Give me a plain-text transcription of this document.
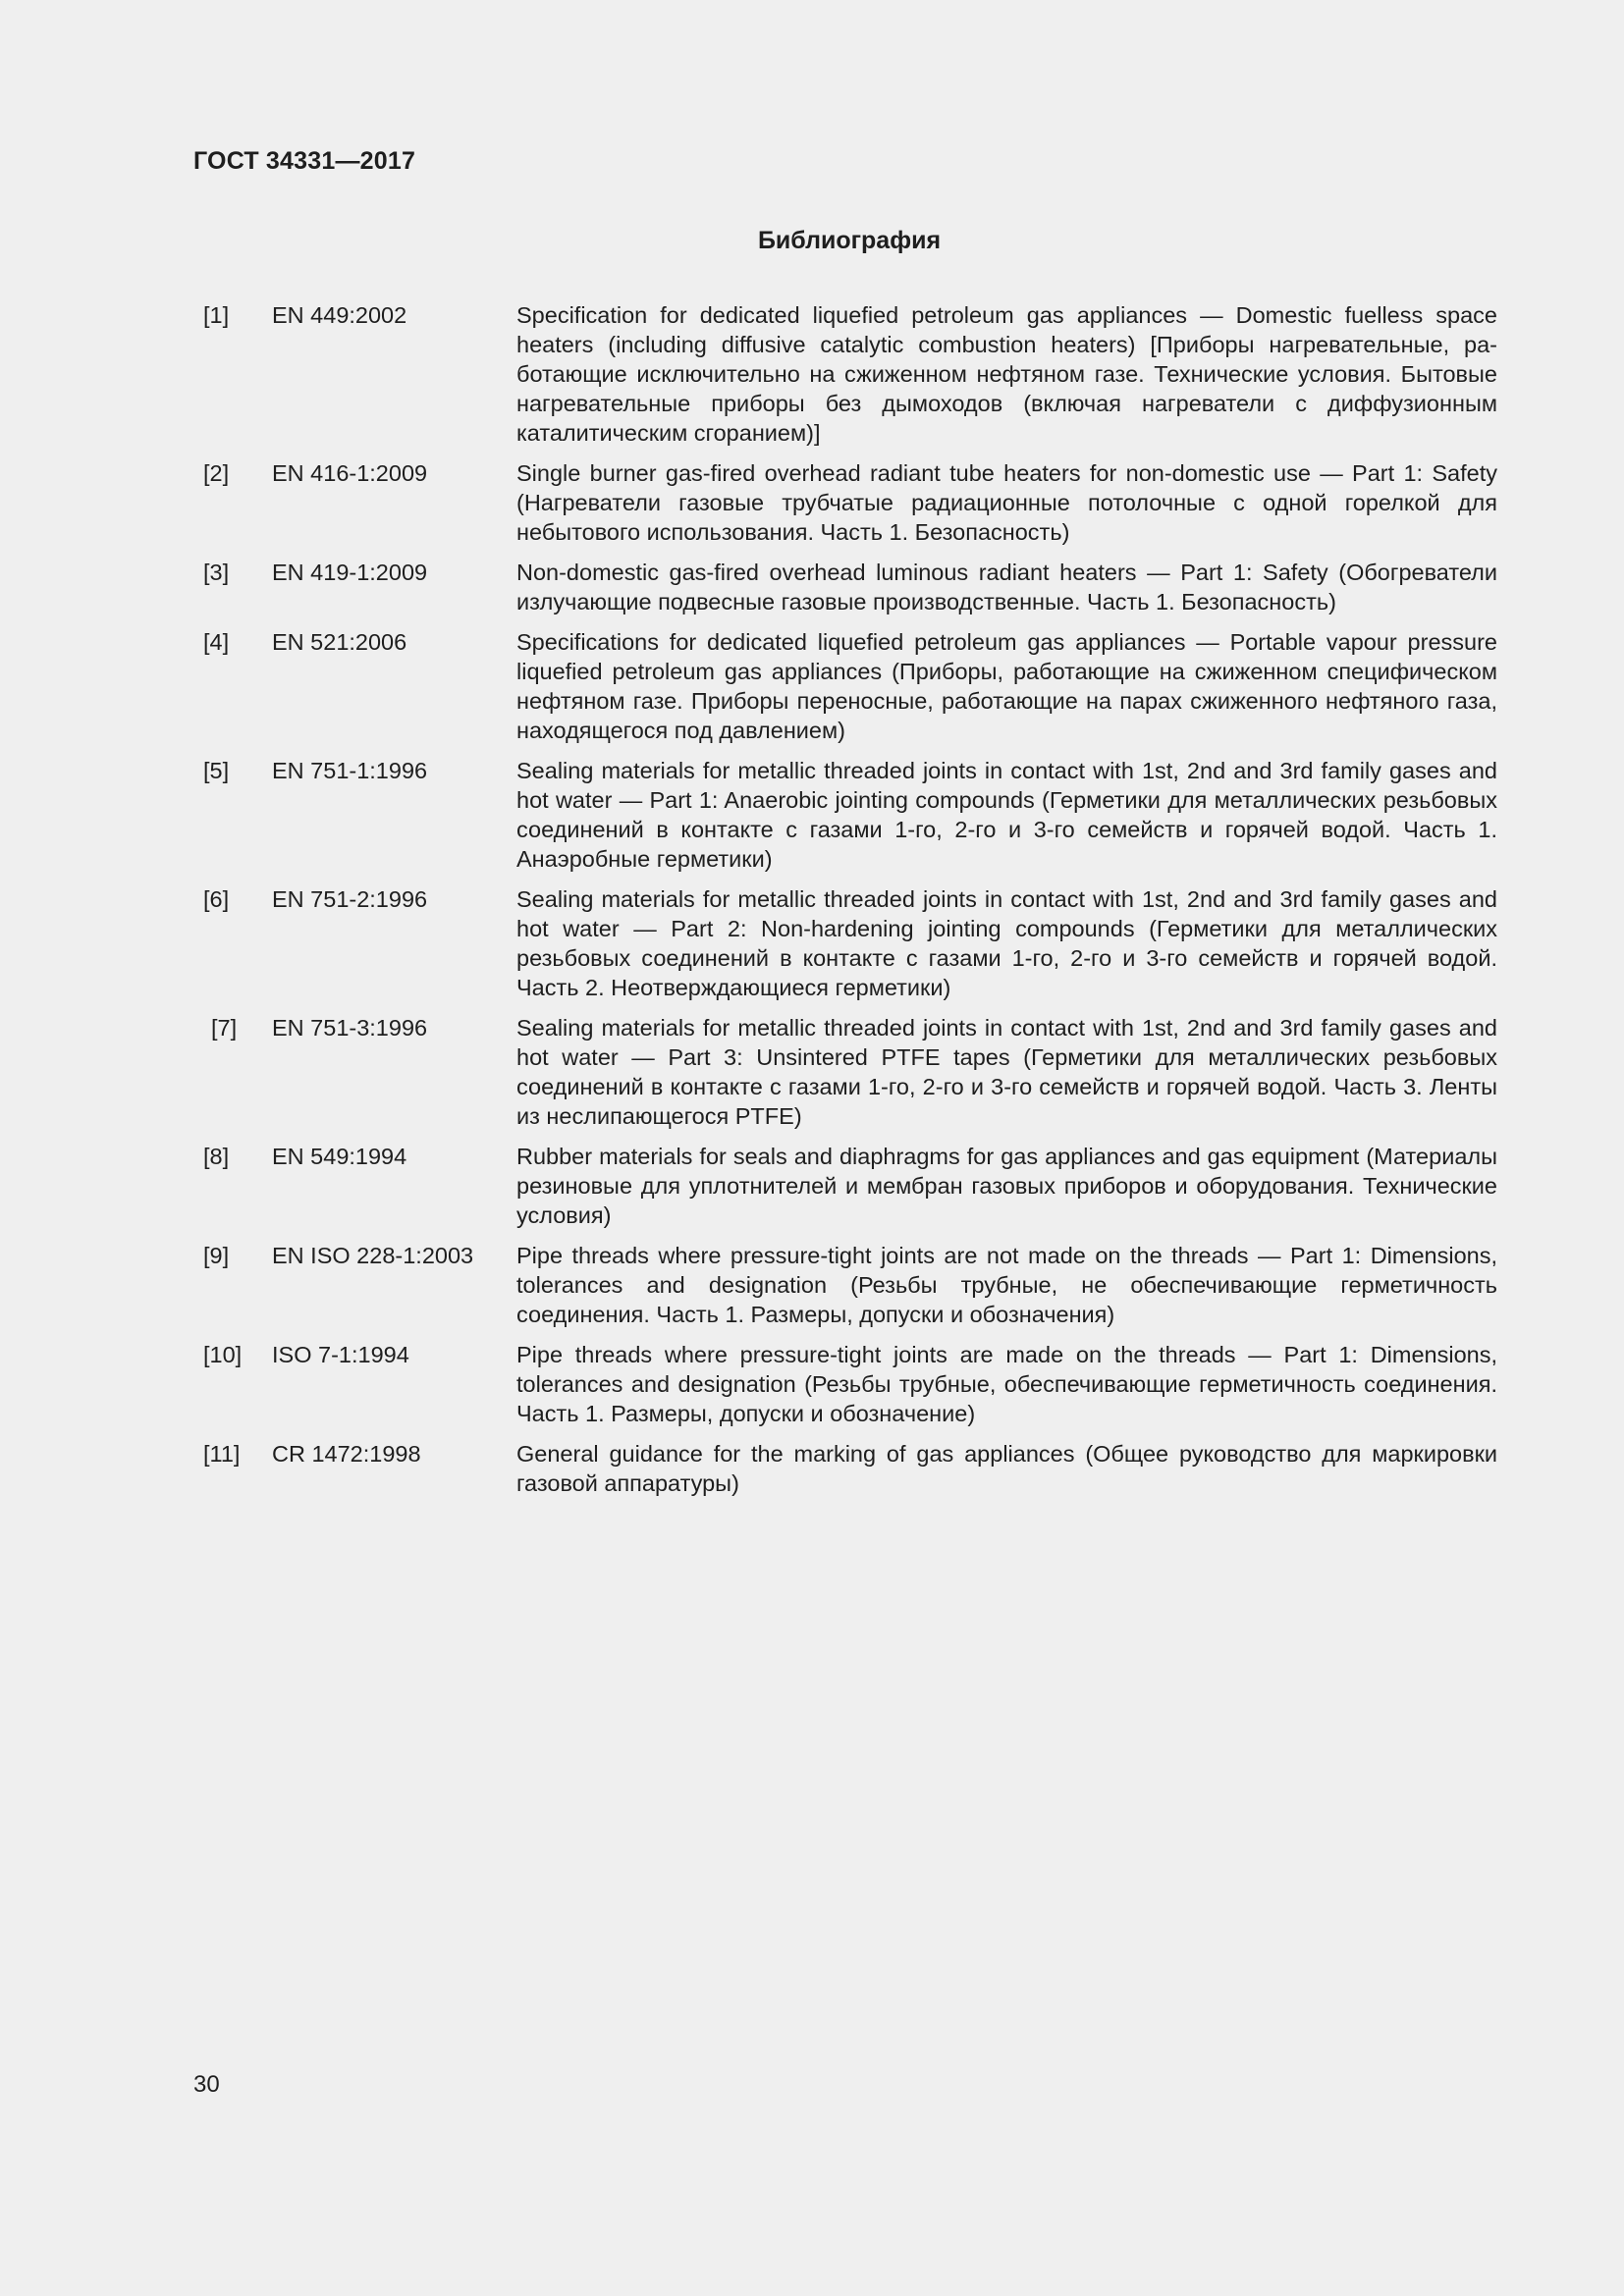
ГОСТ 34331—2017
Библиография
[1]	EN 449:2002	Specification for dedicated liquefied petroleum gas appliances — Domestic fuelless space heaters (including diffusive catalytic combustion heaters) [Приборы нагревательные, работающие исключительно на сжиженном нефтяном газе. Технические условия. Бытовые нагревательные приборы без дымоходов (включая нагреватели с диффузионным каталитическим сгоранием)]
[2]	EN 416-1:2009	Single burner gas-fired overhead radiant tube heaters for non-domestic use — Part 1: Safety (Нагреватели газовые трубчатые радиационные потолочные с одной горелкой для небытового использования. Часть 1. Безопасность)
[3]	EN 419-1:2009	Non-domestic gas-fired overhead luminous radiant heaters — Part 1: Safety (Обогреватели излучающие подвесные газовые производственные. Часть 1. Безопасность)
[4]	EN 521:2006	Specifications for dedicated liquefied petroleum gas appliances — Portable vapour pressure liquefied petroleum gas appliances (Приборы, работающие на сжиженном специфическом нефтяном газе. Приборы переносные, работающие на парах сжиженного нефтяного газа, находящегося под давлением)
[5]	EN 751-1:1996	Sealing materials for metallic threaded joints in contact with 1st, 2nd and 3rd family gases and hot water — Part 1: Anaerobic jointing compounds (Герметики для металлических резьбовых соединений в контакте с газами 1-го, 2-го и 3-го семейств и горячей водой. Часть 1. Анаэробные герметики)
[6]	EN 751-2:1996	Sealing materials for metallic threaded joints in contact with 1st, 2nd and 3rd family gases and hot water — Part 2: Non-hardening jointing compounds (Герметики для металлических резьбовых соединений в контакте с газами 1-го, 2-го и 3-го семейств и горячей водой. Часть 2. Неотверждающиеся герметики)
[7]	EN 751-3:1996	Sealing materials for metallic threaded joints in contact with 1st, 2nd and 3rd family gases and hot water — Part 3: Unsintered PTFE tapes (Герметики для металлических резьбовых соединений в контакте с газами 1-го, 2-го и 3-го семейств и горячей водой. Часть 3. Ленты из неслипающегося PTFE)
[8]	EN 549:1994	Rubber materials for seals and diaphragms for gas appliances and gas equipment (Материалы резиновые для уплотнителей и мембран газовых приборов и оборудования. Технические условия)
[9]	EN ISO 228-1:2003	Pipe threads where pressure-tight joints are not made on the threads — Part 1: Dimensions, tolerances and designation (Резьбы трубные, не обеспечивающие герметичность соединения. Часть 1. Размеры, допуски и обозначения)
[10]	ISO 7-1:1994	Pipe threads where pressure-tight joints are made on the threads — Part 1: Dimensions, tolerances and designation (Резьбы трубные, обеспечивающие герметичность соединения. Часть 1. Размеры, допуски и обозначение)
[11]	CR 1472:1998	General guidance for the marking of gas appliances (Общее руководство для маркировки газовой аппаратуры)
30
